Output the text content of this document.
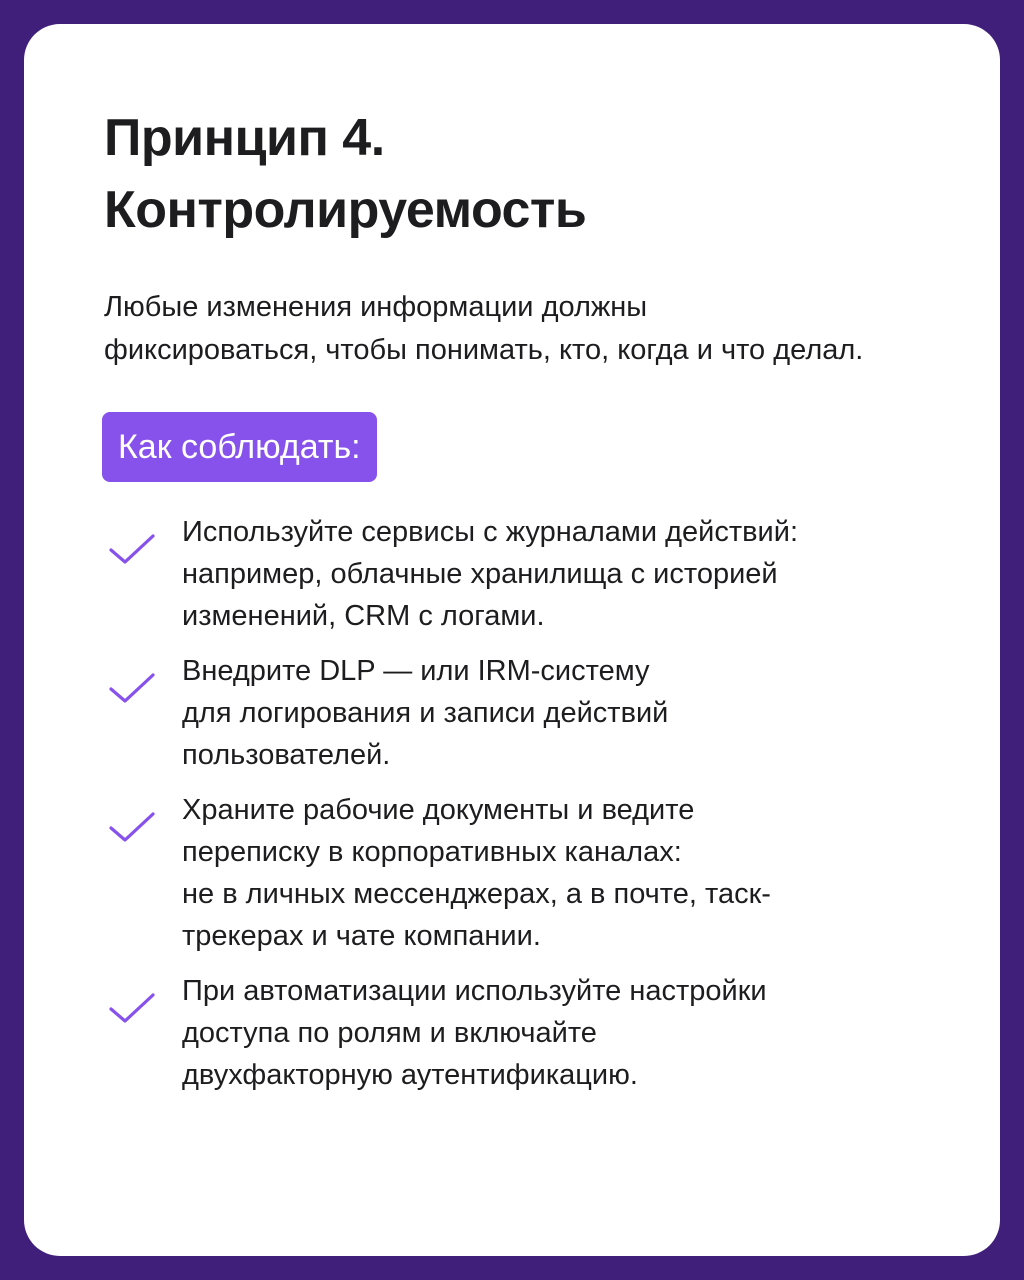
Принцип 4.
Контролируемость

Любые изменения информации должны
фиксироваться, чтобы понимать, кто, когда и что делал.

Как соблюдать:
Используйте сервисы с журналами действий:
например, облачные хранилища с историей
изменений, CRM с логами.
Внедрите DLP — или IRM-систему
для логирования и записи действий
пользователей.
Храните рабочие документы и ведите
переписку в корпоративных каналах:
не в личных мессенджерах, а в почте, таск-
трекерах и чате компании.
При автоматизации используйте настройки
доступа по ролям и включайте
двухфакторную аутентификацию.
